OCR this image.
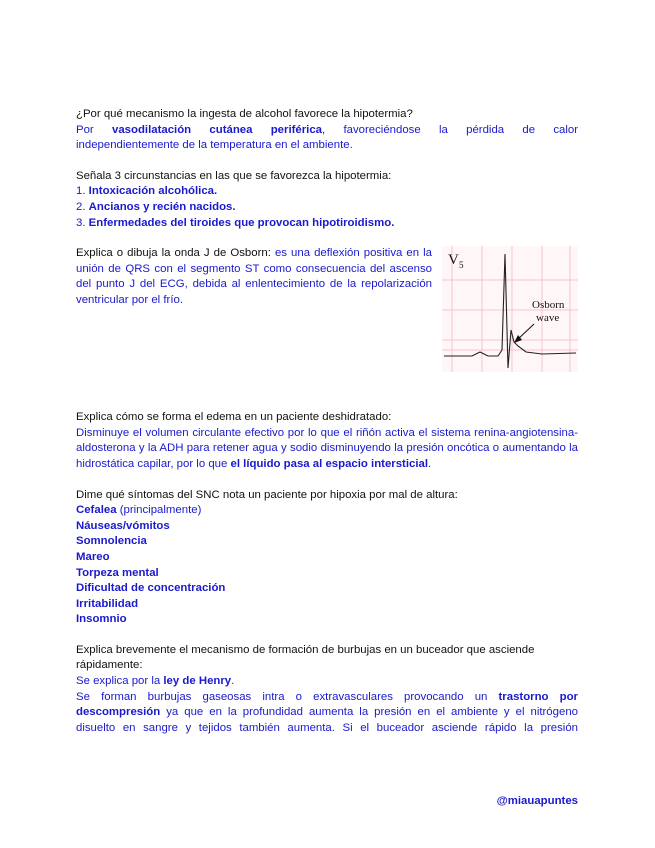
¿Por qué mecanismo la ingesta de alcohol favorece la hipotermia?

Por vasodilatación cutánea periférica, favoreciéndose la pérdida de calor

independientemente de la temperatura en el ambiente.

Señala 3 circunstancias en las que se favorezca la hipotermia:

1. Intoxicación alcohólica.

2. Ancianos y recién nacidos.

3. Enfermedades del tiroides que provocan hipotiroidismo.

Explica o dibuja la onda J de Osborn: es una deflexión positiva en la unión de QRS con el segmento ST como consecuencia del ascenso del punto J del ECG, debida al enlentecimiento de la repolarización ventricular por el frío.

V 5
Osborn
wave

Explica cómo se forma el edema en un paciente deshidratado:

Disminuye el volumen circulante efectivo por lo que el riñón activa el sistema renina-angiotensina-aldosterona y la ADH para retener agua y sodio disminuyendo la presión oncótica o aumentando la hidrostática capilar, por lo que el líquido pasa al espacio intersticial.

Dime qué síntomas del SNC nota un paciente por hipoxia por mal de altura:

Cefalea (principalmente)

Náuseas/vómitos

Somnolencia

Mareo

Torpeza mental

Dificultad de concentración

Irritabilidad

Insomnio

Explica brevemente el mecanismo de formación de burbujas en un buceador que asciende rápidamente:

Se explica por la ley de Henry.

Se forman burbujas gaseosas intra o extravasculares provocando un trastorno por descompresión ya que en la profundidad aumenta la presión en el ambiente y el nitrógeno disuelto en sangre y tejidos también aumenta. Si el buceador asciende rápido la presión

@miauapuntes
